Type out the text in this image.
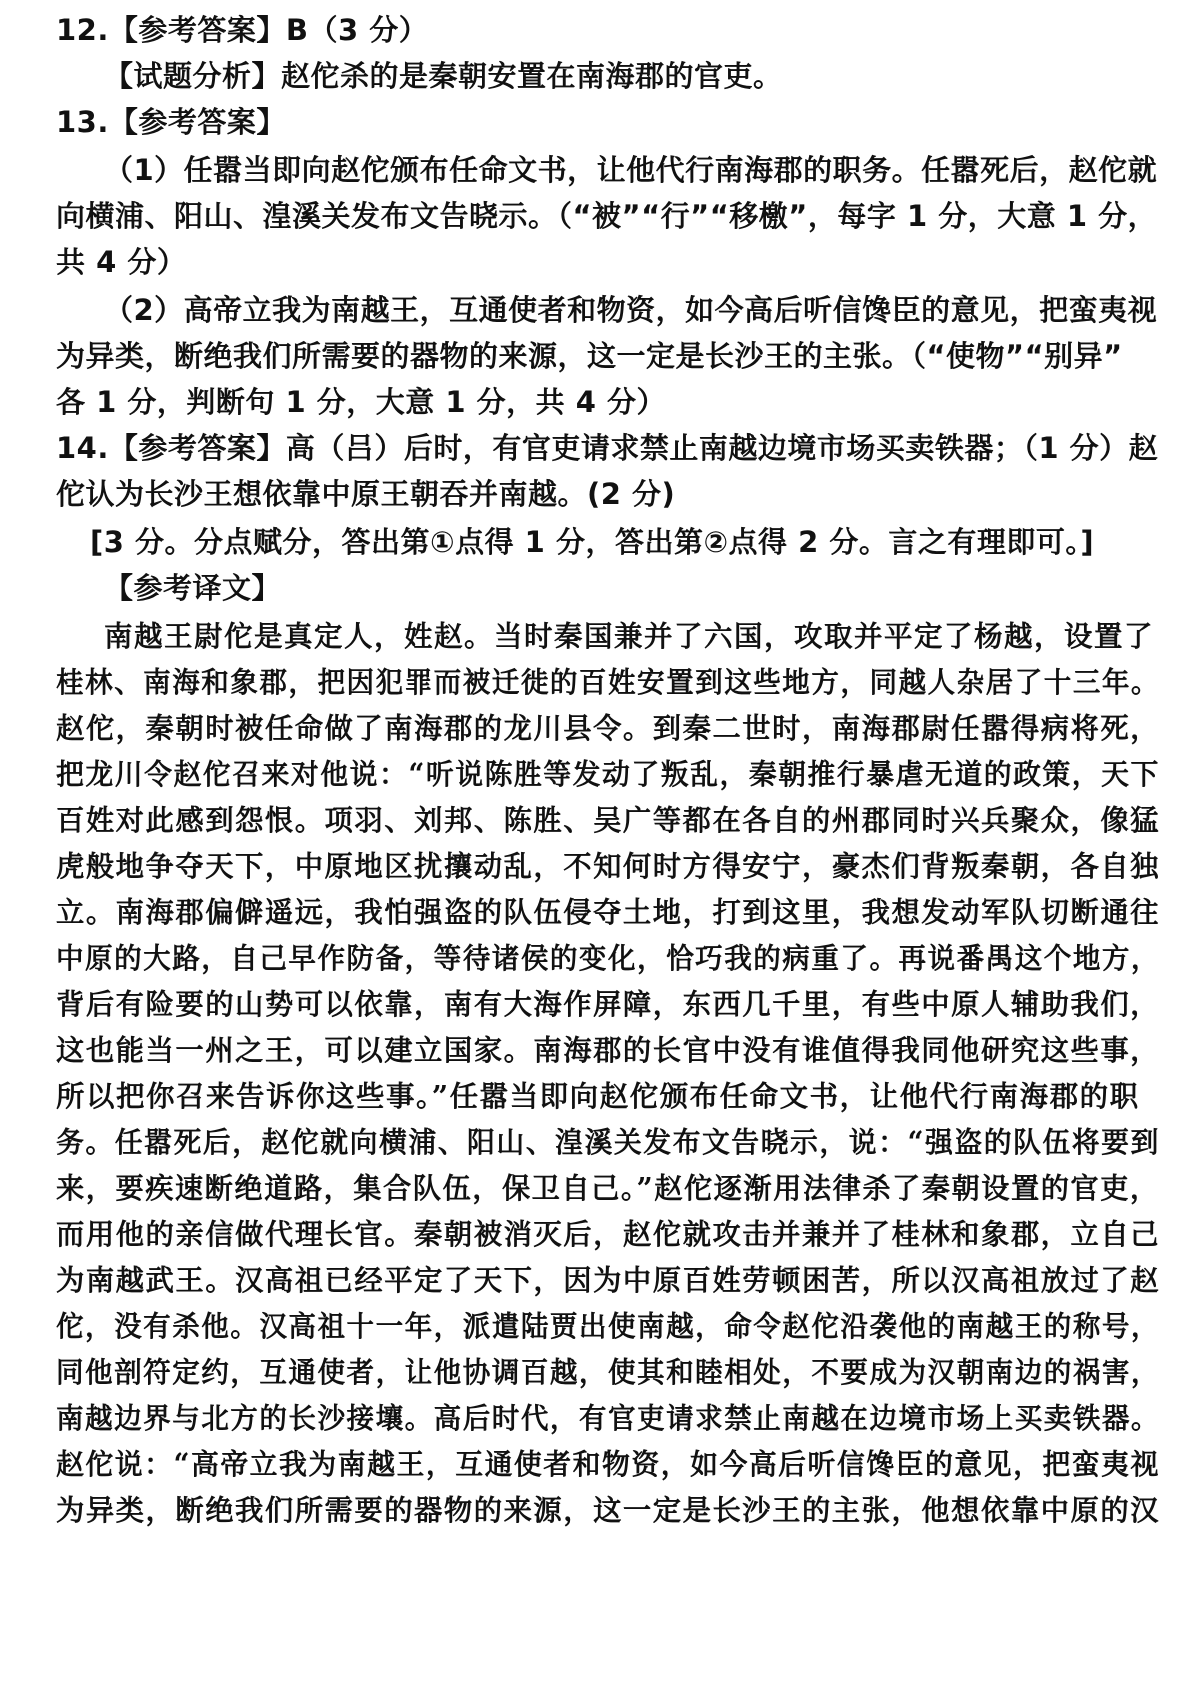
12.【参考答案】B（3 分）
【试题分析】赵佗杀的是秦朝安置在南海郡的官吏。
13.【参考答案】
（1）任嚣当即向赵佗颁布任命文书，让他代行南海郡的职务。任嚣死后，赵佗就
向横浦、阳山、湟溪关发布文告晓示。（“被”“行”“移檄”，每字 1 分，大意 1 分，
共 4 分）
（2）高帝立我为南越王，互通使者和物资，如今高后听信馋臣的意见，把蛮夷视
为异类，断绝我们所需要的器物的来源，这一定是长沙王的主张。（“使物”“别异”
各 1 分，判断句 1 分，大意 1 分，共 4 分）
14.【参考答案】高（吕）后时，有官吏请求禁止南越边境市场买卖铁器；（1 分）赵
佗认为长沙王想依靠中原王朝吞并南越。(2 分)
[3 分。分点赋分，答出第①点得 1 分，答出第②点得 2 分。言之有理即可。]
【参考译文】
南越王尉佗是真定人，姓赵。当时秦国兼并了六国，攻取并平定了杨越，设置了
桂林、南海和象郡，把因犯罪而被迁徙的百姓安置到这些地方，同越人杂居了十三年。
赵佗，秦朝时被任命做了南海郡的龙川县令。到秦二世时，南海郡尉任嚣得病将死，
把龙川令赵佗召来对他说：“听说陈胜等发动了叛乱，秦朝推行暴虐无道的政策，天下
百姓对此感到怨恨。项羽、刘邦、陈胜、吴广等都在各自的州郡同时兴兵聚众，像猛
虎般地争夺天下，中原地区扰攘动乱，不知何时方得安宁，豪杰们背叛秦朝，各自独
立。南海郡偏僻遥远，我怕强盗的队伍侵夺土地，打到这里，我想发动军队切断通往
中原的大路，自己早作防备，等待诸侯的变化，恰巧我的病重了。再说番禺这个地方，
背后有险要的山势可以依靠，南有大海作屏障，东西几千里，有些中原人辅助我们，
这也能当一州之王，可以建立国家。南海郡的长官中没有谁值得我同他研究这些事，
所以把你召来告诉你这些事。”任嚣当即向赵佗颁布任命文书，让他代行南海郡的职
务。任嚣死后，赵佗就向横浦、阳山、湟溪关发布文告晓示，说：“强盗的队伍将要到
来，要疾速断绝道路，集合队伍，保卫自己。”赵佗逐渐用法律杀了秦朝设置的官吏，
而用他的亲信做代理长官。秦朝被消灭后，赵佗就攻击并兼并了桂林和象郡，立自己
为南越武王。汉高祖已经平定了天下，因为中原百姓劳顿困苦，所以汉高祖放过了赵
佗，没有杀他。汉高祖十一年，派遣陆贾出使南越，命令赵佗沿袭他的南越王的称号，
同他剖符定约，互通使者，让他协调百越，使其和睦相处，不要成为汉朝南边的祸害，
南越边界与北方的长沙接壤。高后时代，有官吏请求禁止南越在边境市场上买卖铁器。
赵佗说：“高帝立我为南越王，互通使者和物资，如今高后听信馋臣的意见，把蛮夷视
为异类，断绝我们所需要的器物的来源，这一定是长沙王的主张，他想依靠中原的汉
